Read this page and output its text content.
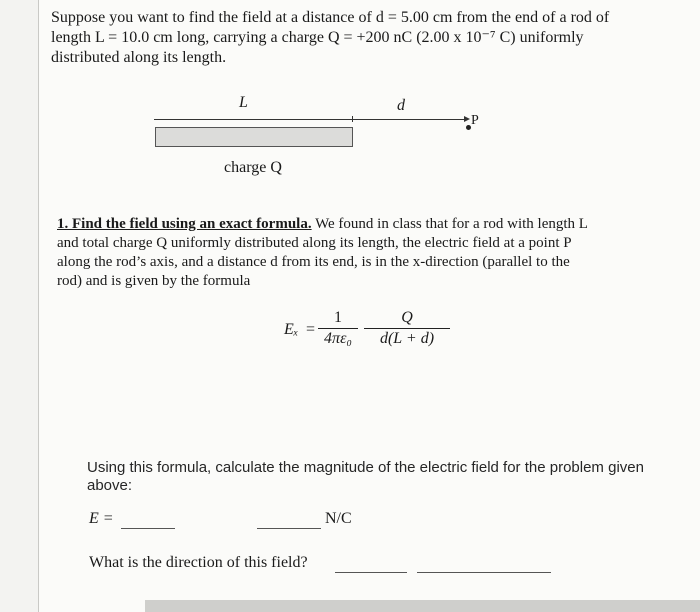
Suppose you want to find the field at a distance of d = 5.00 cm from the end of a rod of
length L = 10.0 cm long, carrying a charge Q = +200 nC (2.00 x 10⁻⁷ C) uniformly
distributed along its length.
L	d
P
charge Q
1. Find the field using an exact formula. We found in class that for a rod with length L
and total charge Q uniformly distributed along its length, the electric field at a point P
along the rod’s axis, and a distance d from its end, is in the x-direction (parallel to the
rod) and is given by the formula
Eₓ =
1
4πε₀
Q
d(L + d)
Using this formula, calculate the magnitude of the electric field for the problem given
above:
E =	N/C
What is the direction of this field?
